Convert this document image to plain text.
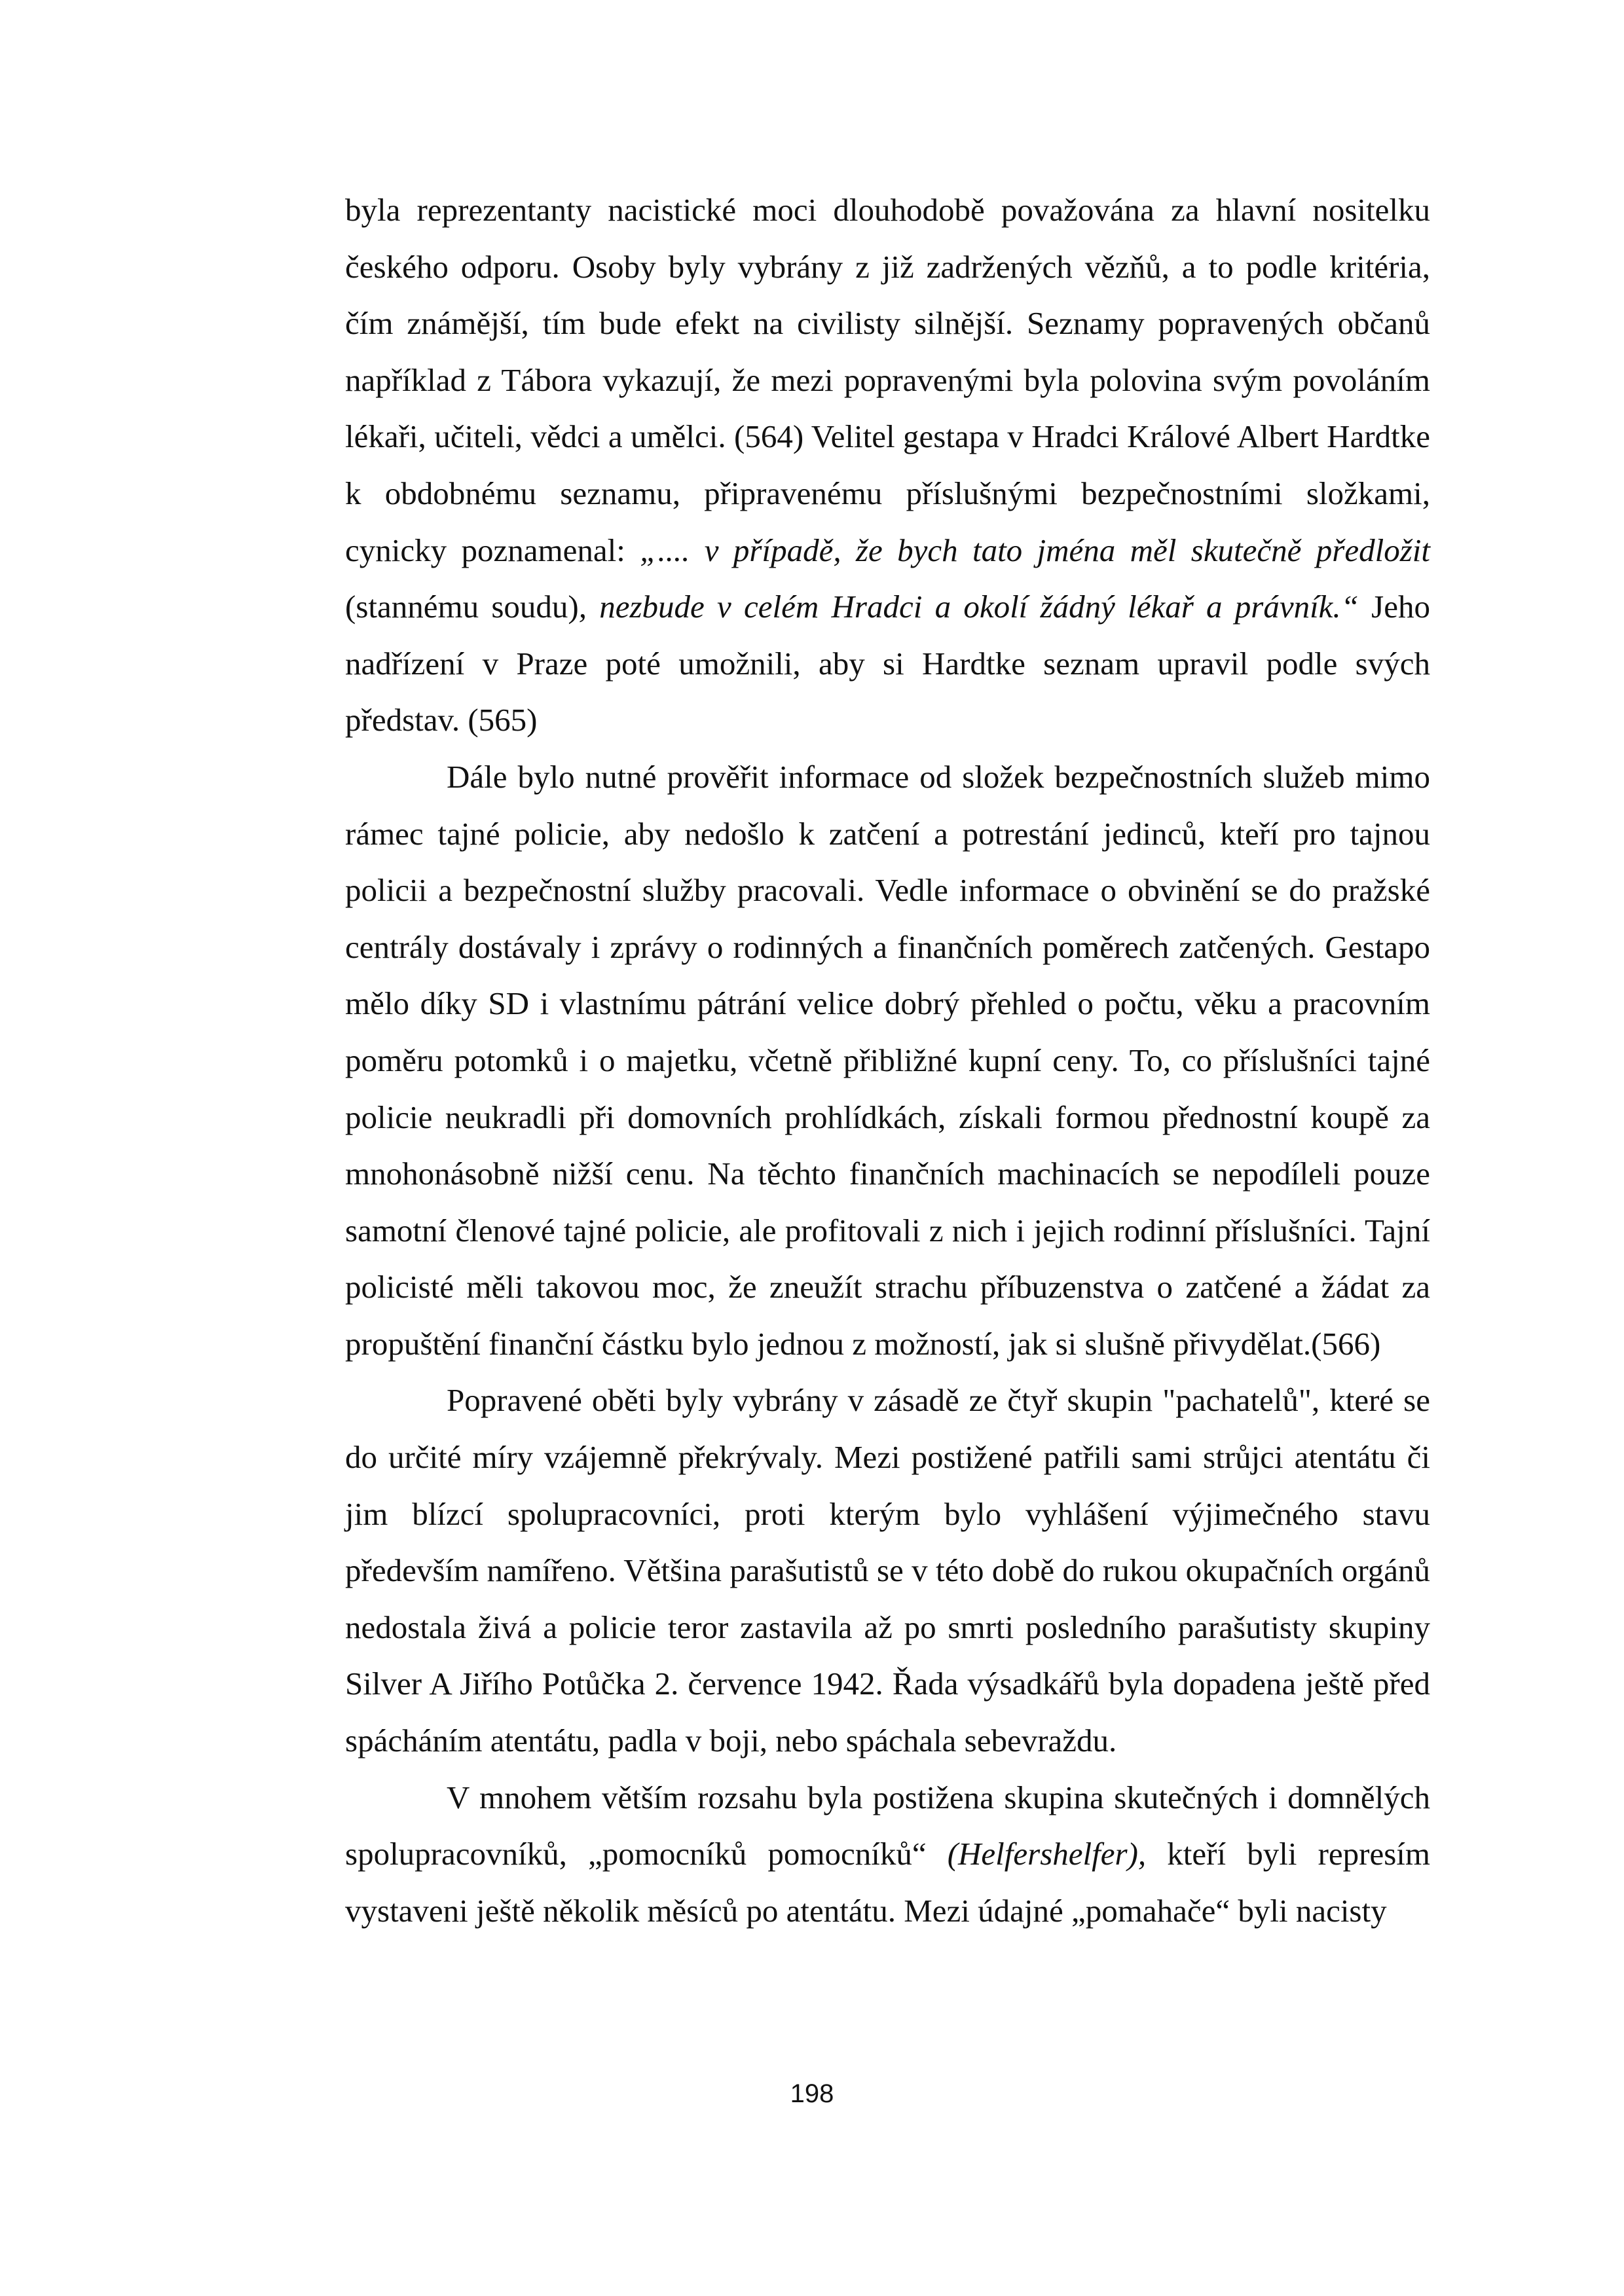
byla reprezentanty nacistické moci dlouhodobě považována za hlavní nositelku českého odporu. Osoby byly vybrány z již zadržených vězňů, a to podle kritéria, čím známější, tím bude efekt na civilisty silnější. Seznamy popravených občanů například z Tábora vykazují, že mezi popravenými byla polovina svým povoláním lékaři, učiteli, vědci a umělci. (564) Velitel gestapa v Hradci Králové Albert Hardtke k obdobnému seznamu, připravenému příslušnými bezpečnostními složkami, cynicky poznamenal: „.... v případě, že bych tato jména měl skutečně předložit (stannému soudu), nezbude v celém Hradci a okolí žádný lékař a právník.“ Jeho nadřízení v Praze poté umožnili, aby si Hardtke seznam upravil podle svých představ. (565)

Dále bylo nutné prověřit informace od složek bezpečnostních služeb mimo rámec tajné policie, aby nedošlo k zatčení a potrestání jedinců, kteří pro tajnou policii a bezpečnostní služby pracovali. Vedle informace o obvinění se do pražské centrály dostávaly i zprávy o rodinných a finančních poměrech zatčených. Gestapo mělo díky SD i vlastnímu pátrání velice dobrý přehled o počtu, věku a pracovním poměru potomků i o majetku, včetně přibližné kupní ceny. To, co příslušníci tajné policie neukradli při domovních prohlídkách, získali formou přednostní koupě za mnohonásobně nižší cenu. Na těchto finančních machinacích se nepodíleli pouze samotní členové tajné policie, ale profitovali z nich i jejich rodinní příslušníci. Tajní policisté měli takovou moc, že zneužít strachu příbuzenstva o zatčené a žádat za propuštění finanční částku bylo jednou z možností, jak si slušně přivydělat.(566)

Popravené oběti byly vybrány v zásadě ze čtyř skupin "pachatelů", které se do určité míry vzájemně překrývaly. Mezi postižené patřili sami strůjci atentátu či jim blízcí spolupracovníci, proti kterým bylo vyhlášení výjimečného stavu především namířeno. Většina parašutistů se v této době do rukou okupačních orgánů nedostala živá a policie teror zastavila až po smrti posledního parašutisty skupiny Silver A Jiřího Potůčka 2. července 1942. Řada výsadkářů byla dopadena ještě před spácháním atentátu, padla v boji, nebo spáchala sebevraždu.

V mnohem větším rozsahu byla postižena skupina skutečných i domnělých spolupracovníků, „pomocníků pomocníků“ (Helfershelfer), kteří byli represím vystaveni ještě několik měsíců po atentátu. Mezi údajné „pomahače“ byli nacisty

198
